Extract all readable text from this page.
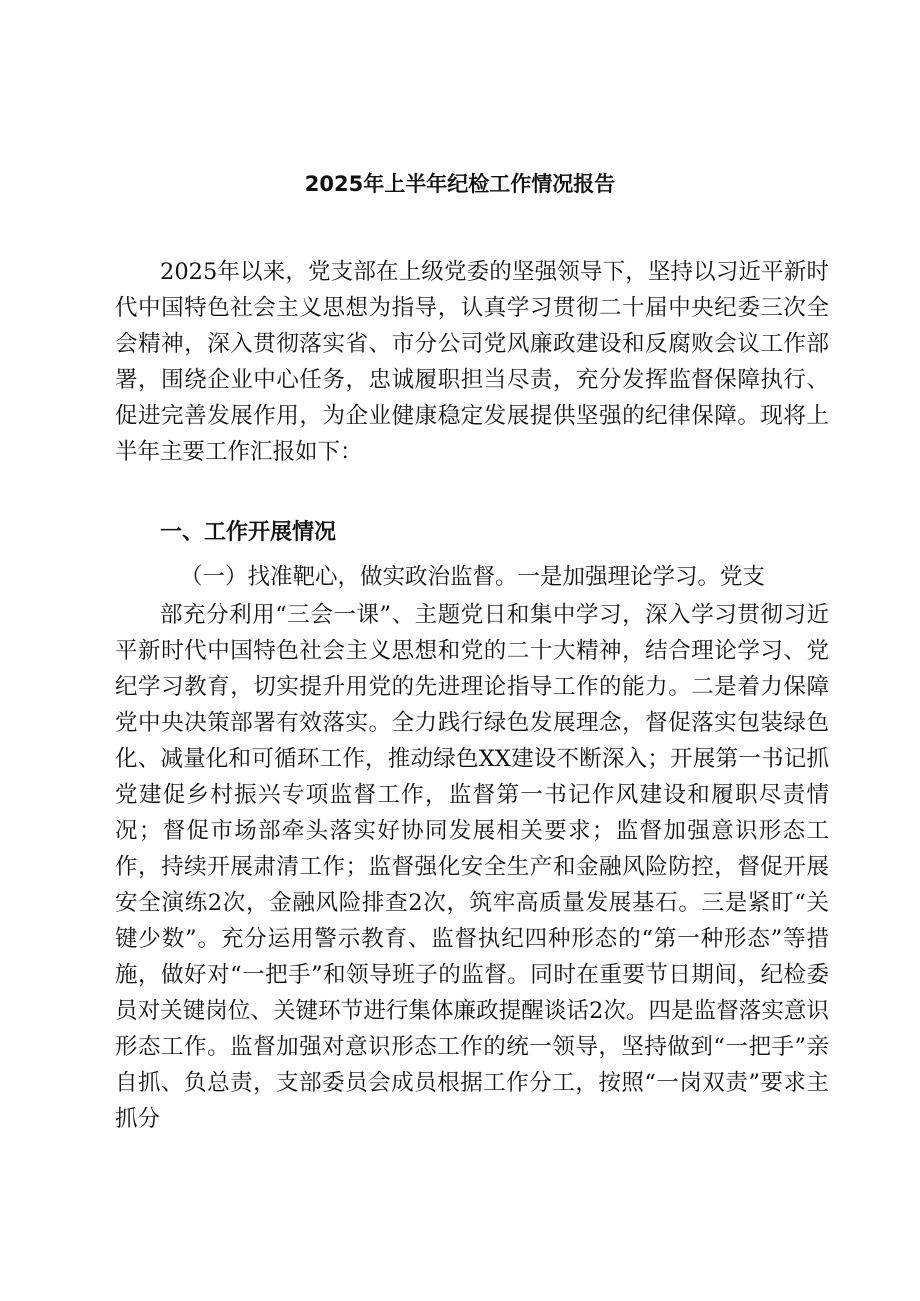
2025年上半年纪检工作情况报告

2025年以来，党支部在上级党委的坚强领导下，坚持以习近平新时代中国特色社会主义思想为指导，认真学习贯彻二十届中央纪委三次全会精神，深入贯彻落实省、市分公司党风廉政建设和反腐败会议工作部署，围绕企业中心任务，忠诚履职担当尽责，充分发挥监督保障执行、促进完善发展作用，为企业健康稳定发展提供坚强的纪律保障。现将上半年主要工作汇报如下：

一、工作开展情况

（一）找准靶心，做实政治监督。一是加强理论学习。党支

部充分利用“三会一课”、主题党日和集中学习，深入学习贯彻习近平新时代中国特色社会主义思想和党的二十大精神，结合理论学习、党纪学习教育，切实提升用党的先进理论指导工作的能力。二是着力保障党中央决策部署有效落实。全力践行绿色发展理念，督促落实包装绿色化、减量化和可循环工作，推动绿色XX建设不断深入；开展第一书记抓党建促乡村振兴专项监督工作，监督第一书记作风建设和履职尽责情况；督促市场部牵头落实好协同发展相关要求；监督加强意识形态工作，持续开展肃清工作；监督强化安全生产和金融风险防控，督促开展安全演练2次，金融风险排查2次，筑牢高质量发展基石。三是紧盯“关键少数”。充分运用警示教育、监督执纪四种形态的“第一种形态”等措施，做好对“一把手”和领导班子的监督。同时在重要节日期间，纪检委员对关键岗位、关键环节进行集体廉政提醒谈话2次。四是监督落实意识形态工作。监督加强对意识形态工作的统一领导，坚持做到“一把手”亲自抓、负总责，支部委员会成员根据工作分工，按照“一岗双责”要求主抓分
